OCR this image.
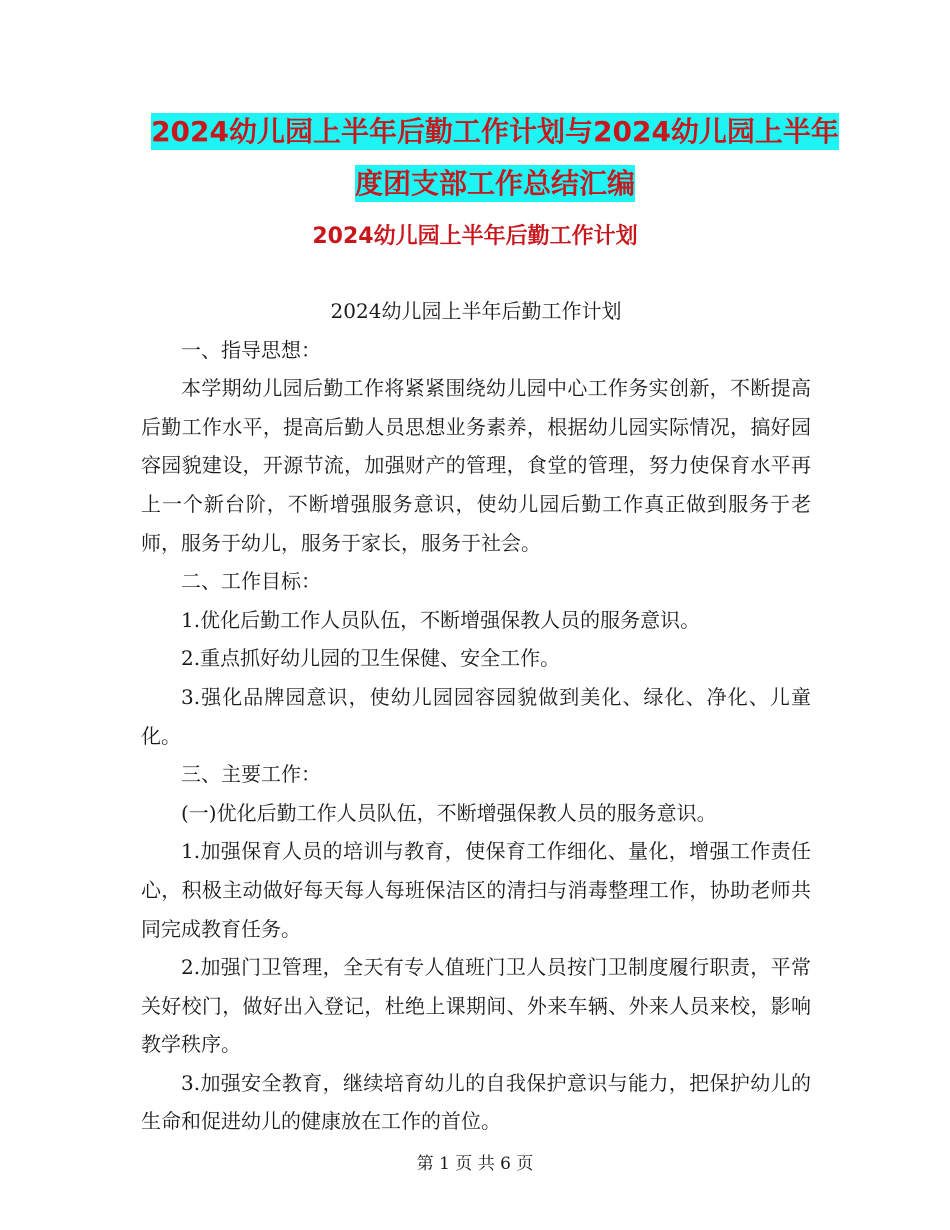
2024幼儿园上半年后勤工作计划与2024幼儿园上半年
度团支部工作总结汇编
2024幼儿园上半年后勤工作计划

2024幼儿园上半年后勤工作计划

一、指导思想：

本学期幼儿园后勤工作将紧紧围绕幼儿园中心工作务实创新，不断提高后勤工作水平，提高后勤人员思想业务素养，根据幼儿园实际情况，搞好园容园貌建设，开源节流，加强财产的管理，食堂的管理，努力使保育水平再上一个新台阶，不断增强服务意识，使幼儿园后勤工作真正做到服务于老师，服务于幼儿，服务于家长，服务于社会。

二、工作目标：

1.优化后勤工作人员队伍，不断增强保教人员的服务意识。

2.重点抓好幼儿园的卫生保健、安全工作。

3.强化品牌园意识，使幼儿园园容园貌做到美化、绿化、净化、儿童化。

三、主要工作：

(一)优化后勤工作人员队伍，不断增强保教人员的服务意识。

1.加强保育人员的培训与教育，使保育工作细化、量化，增强工作责任心，积极主动做好每天每人每班保洁区的清扫与消毒整理工作，协助老师共同完成教育任务。

2.加强门卫管理，全天有专人值班门卫人员按门卫制度履行职责，平常关好校门，做好出入登记，杜绝上课期间、外来车辆、外来人员来校，影响教学秩序。

3.加强安全教育，继续培育幼儿的自我保护意识与能力，把保护幼儿的生命和促进幼儿的健康放在工作的首位。

第 1 页 共 6 页
